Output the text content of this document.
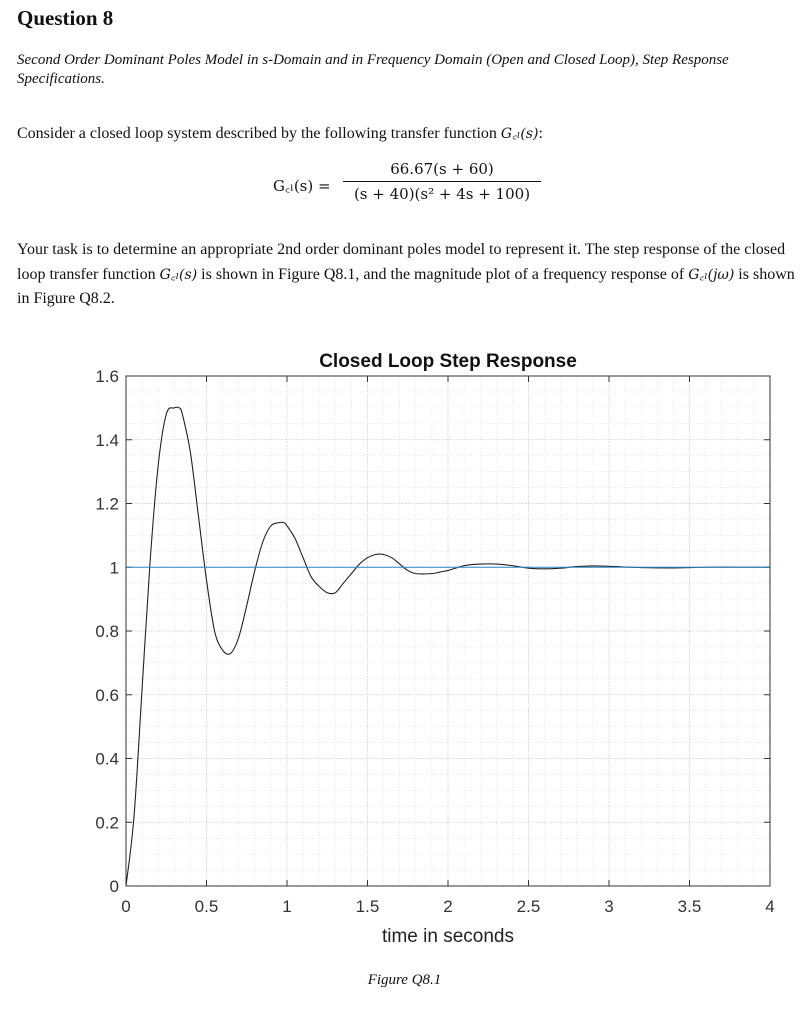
Question 8
Second Order Dominant Poles Model in s-Domain and in Frequency Domain (Open and Closed Loop), Step Response Specifications.
Consider a closed loop system described by the following transfer function G꜀ₗ(s):
G꜀ₗ(s) =
66.67(s + 60)
(s + 40)(s² + 4s + 100)
Your task is to determine an appropriate 2nd order dominant poles model to represent it. The step response of the closed loop transfer function G꜀ₗ(s) is shown in Figure Q8.1, and the magnitude plot of a frequency response of G꜀ₗ(jω) is shown in Figure Q8.2.
Closed Loop Step Response
0	0.5	1	1.5	2	2.5	3	3.5	4
0
0.2
0.4
0.6
0.8
1
1.2
1.4
1.6
time in seconds
Figure Q8.1
